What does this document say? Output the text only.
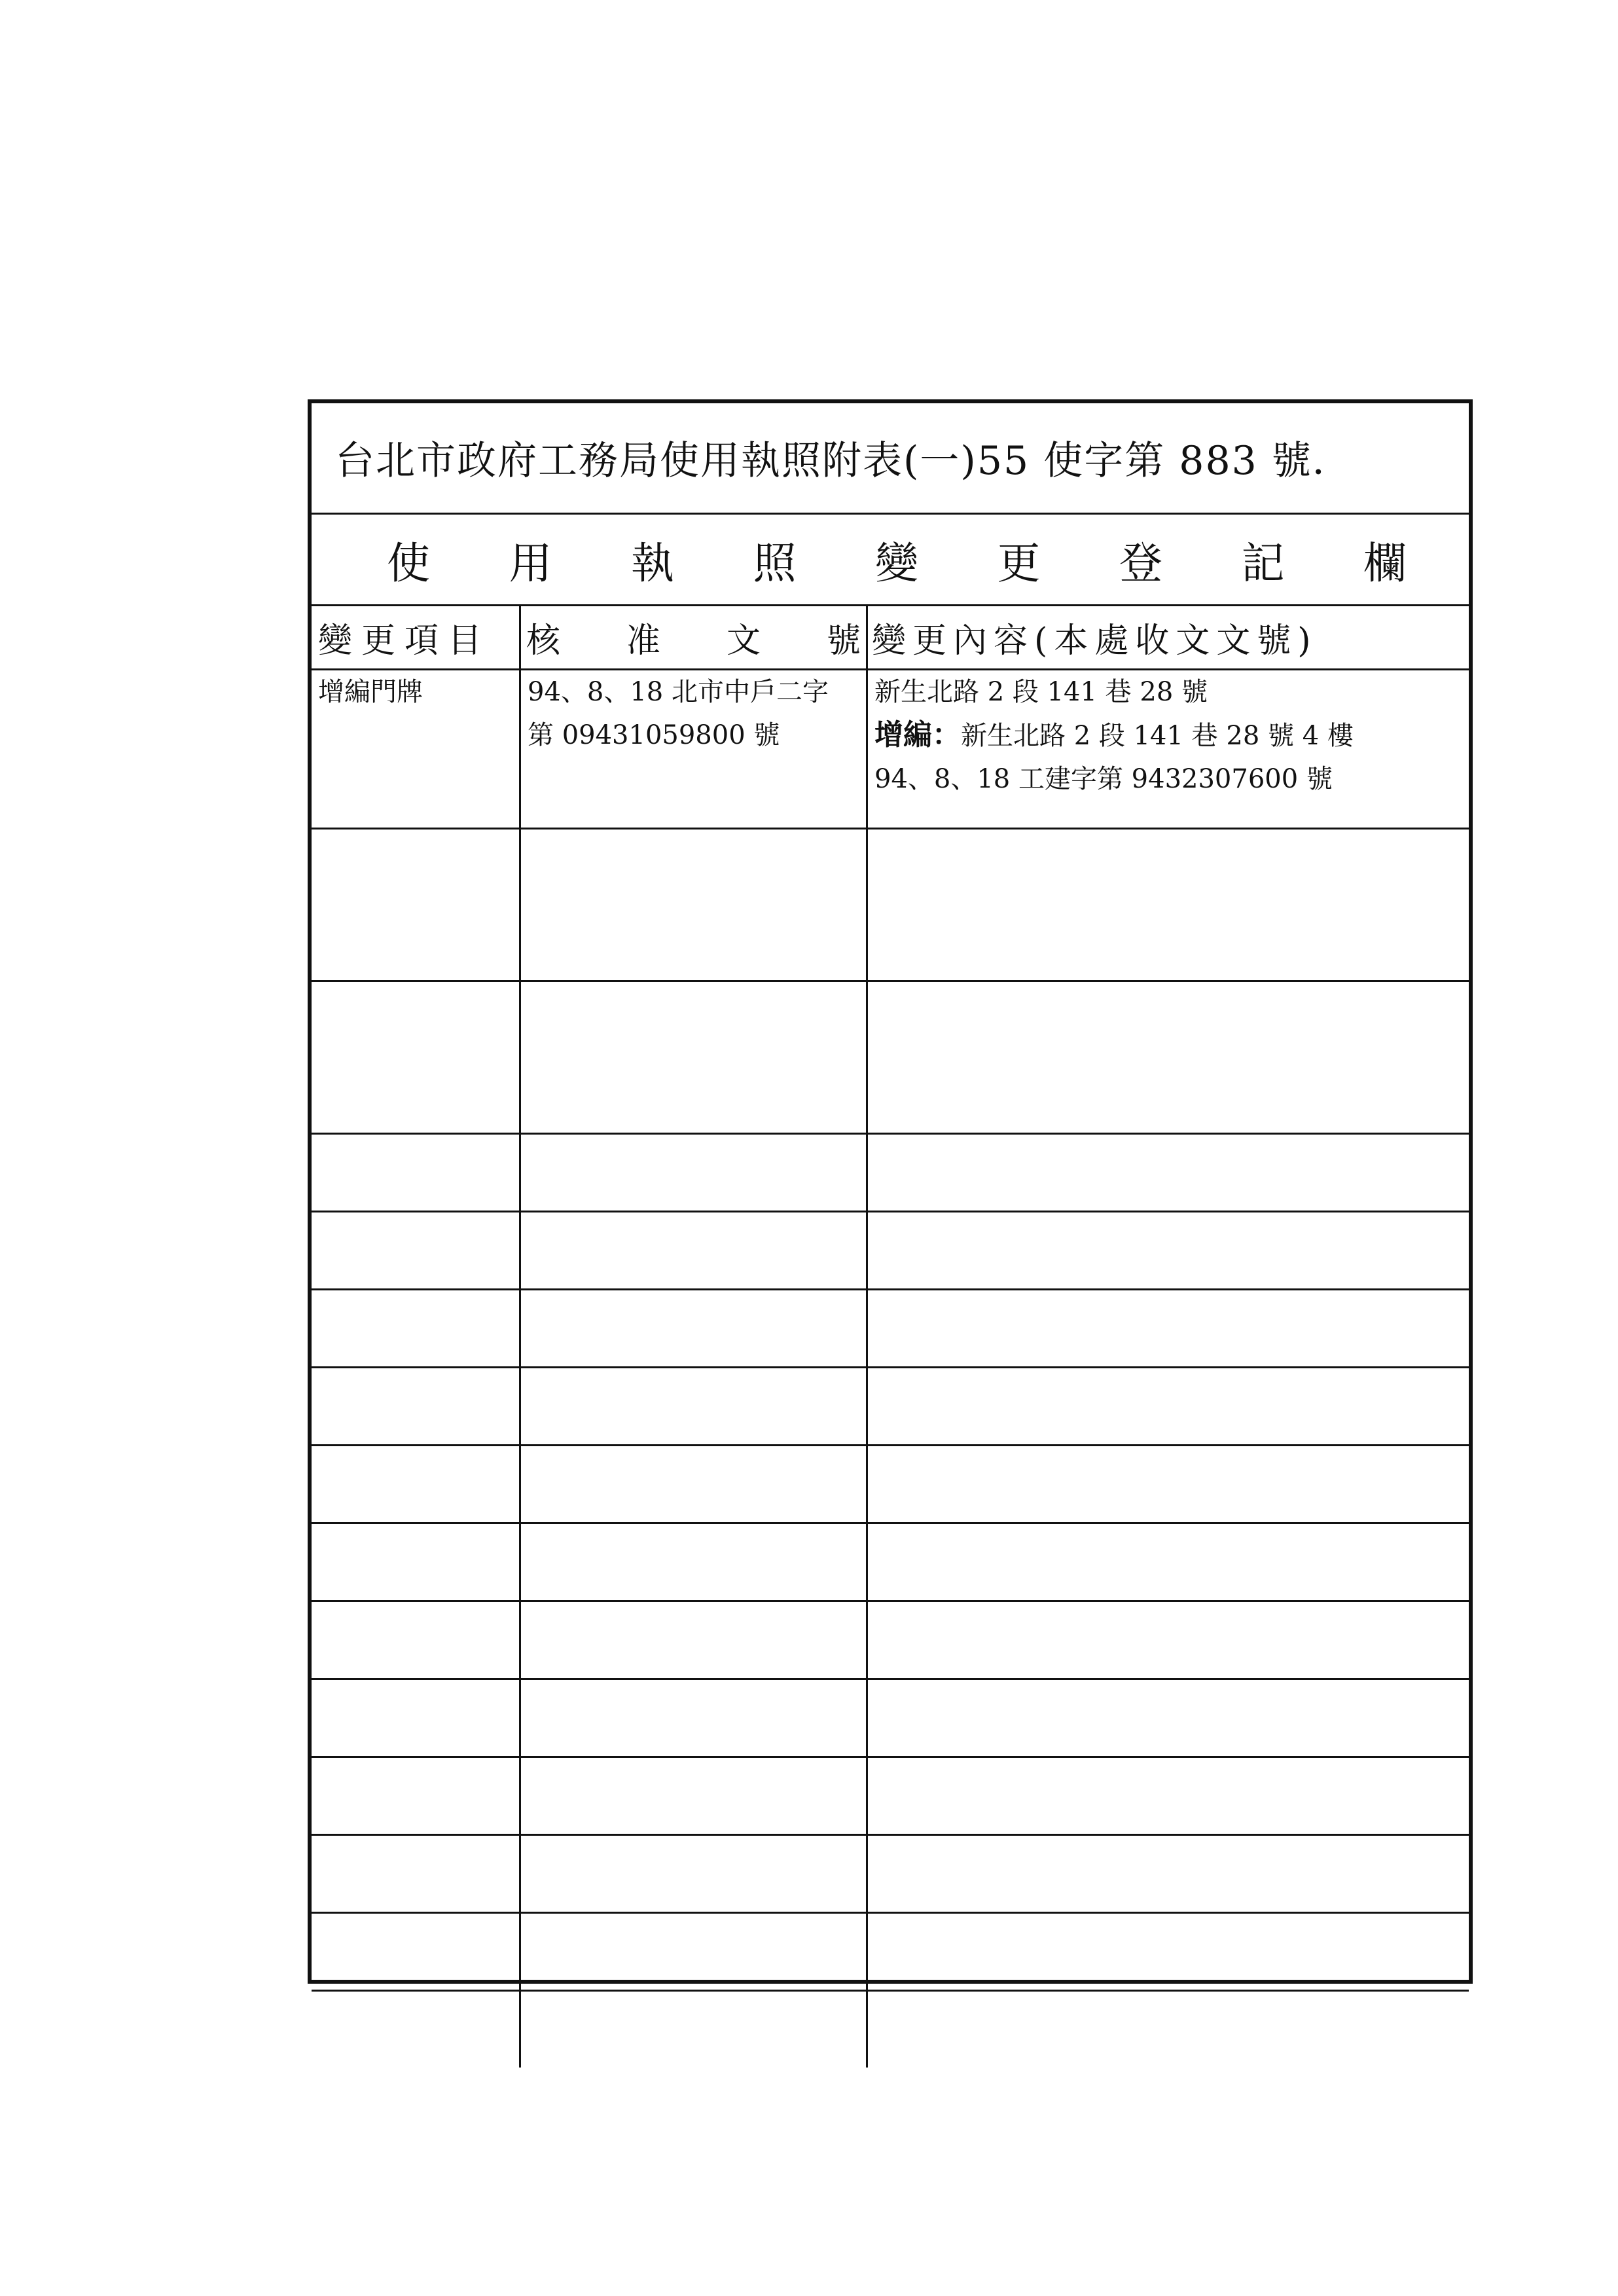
台北市政府工務局使用執照附表(一)55 使字第 883 號．
使 用 執 照 變 更 登 記 欄
變更項目	核 准 文 號 變更內容(本處收文文號)
增編門牌	94、8、18 北市中戶二字
第 09431059800 號
新生北路 2 段 141 巷 28 號
增編：新生北路 2 段 141 巷 28 號 4 樓
94、8、18 工建字第 9432307600 號
